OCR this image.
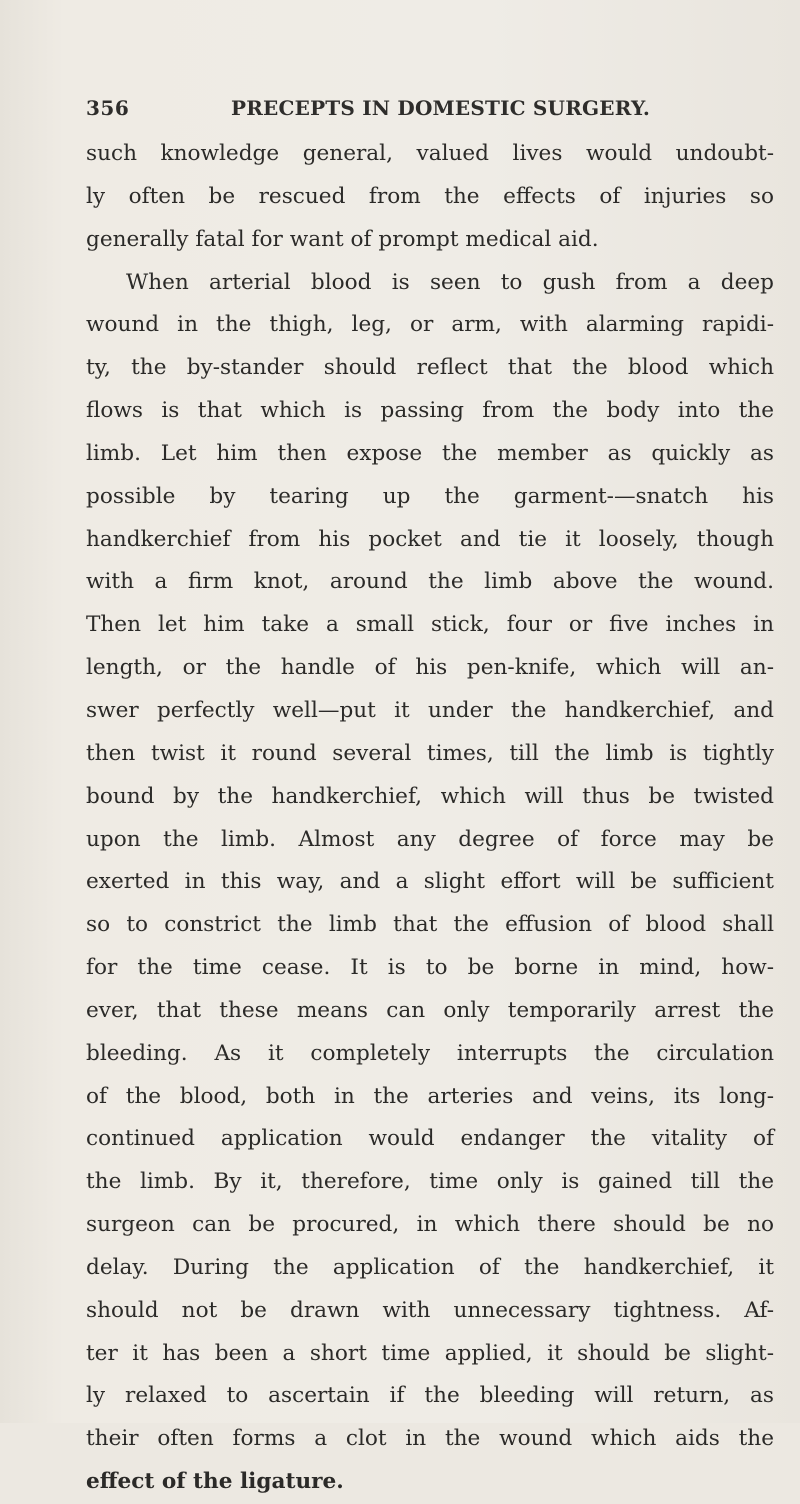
356	PRECEPTS IN DOMESTIC SURGERY.
such knowledge general, valued lives would undoubt-
ly often be rescued from the effects of injuries so
generally fatal for want of prompt medical aid.
When arterial blood is seen to gush from a deep
wound in the thigh, leg, or arm, with alarming rapidi-
ty, the by-stander should reflect that the blood which
flows is that which is passing from the body into the
limb. Let him then expose the member as quickly as
possible by tearing up the garment-—snatch his
handkerchief from his pocket and tie it loosely, though
with a firm knot, around the limb above the wound.
Then let him take a small stick, four or five inches in
length, or the handle of his pen-knife, which will an-
swer perfectly well—put it under the handkerchief, and
then twist it round several times, till the limb is tightly
bound by the handkerchief, which will thus be twisted
upon the limb. Almost any degree of force may be
exerted in this way, and a slight effort will be sufficient
so to constrict the limb that the effusion of blood shall
for the time cease. It is to be borne in mind, how-
ever, that these means can only temporarily arrest the
bleeding. As it completely interrupts the circulation
of the blood, both in the arteries and veins, its long-
continued application would endanger the vitality of
the limb. By it, therefore, time only is gained till the
surgeon can be procured, in which there should be no
delay. During the application of the handkerchief, it
should not be drawn with unnecessary tightness. Af-
ter it has been a short time applied, it should be slight-
ly relaxed to ascertain if the bleeding will return, as
their often forms a clot in the wound which aids the
effect of the ligature.
